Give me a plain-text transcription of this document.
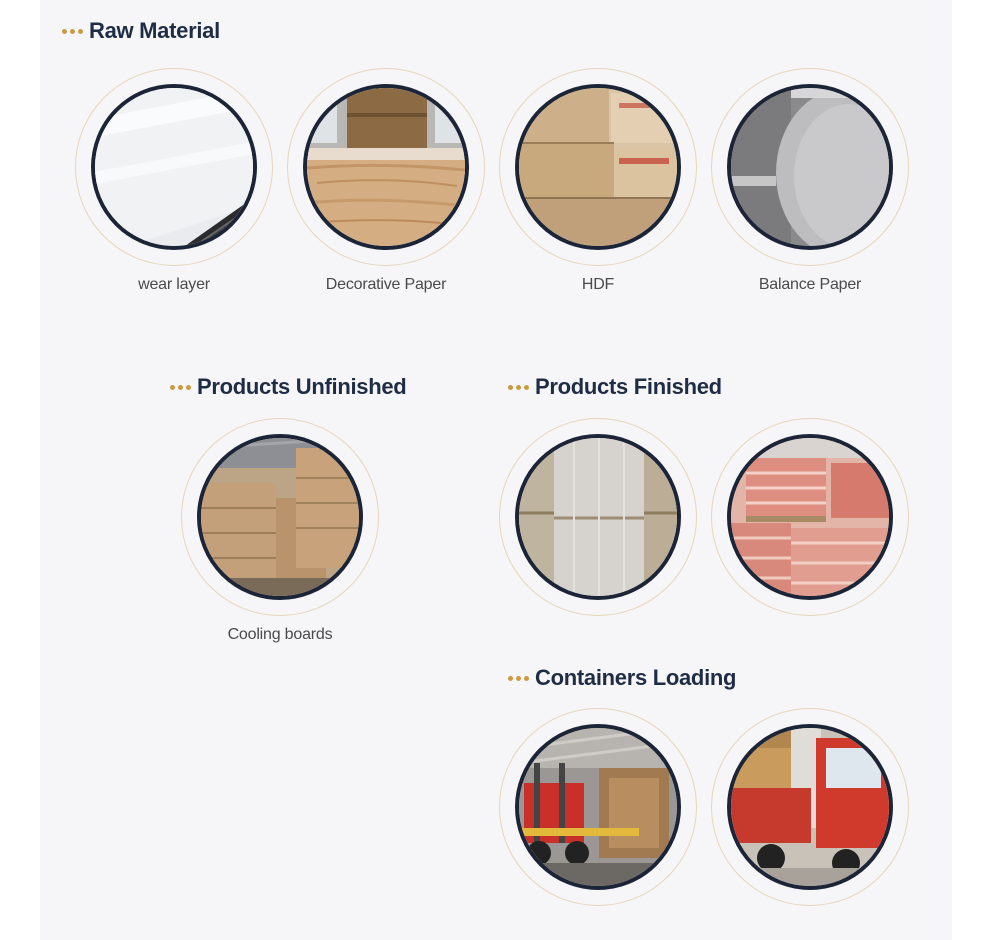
Raw Material
wear layer	Decorative Paper	HDF	Balance Paper
Products Unfinished
Cooling boards
Products Finished
Containers Loading
